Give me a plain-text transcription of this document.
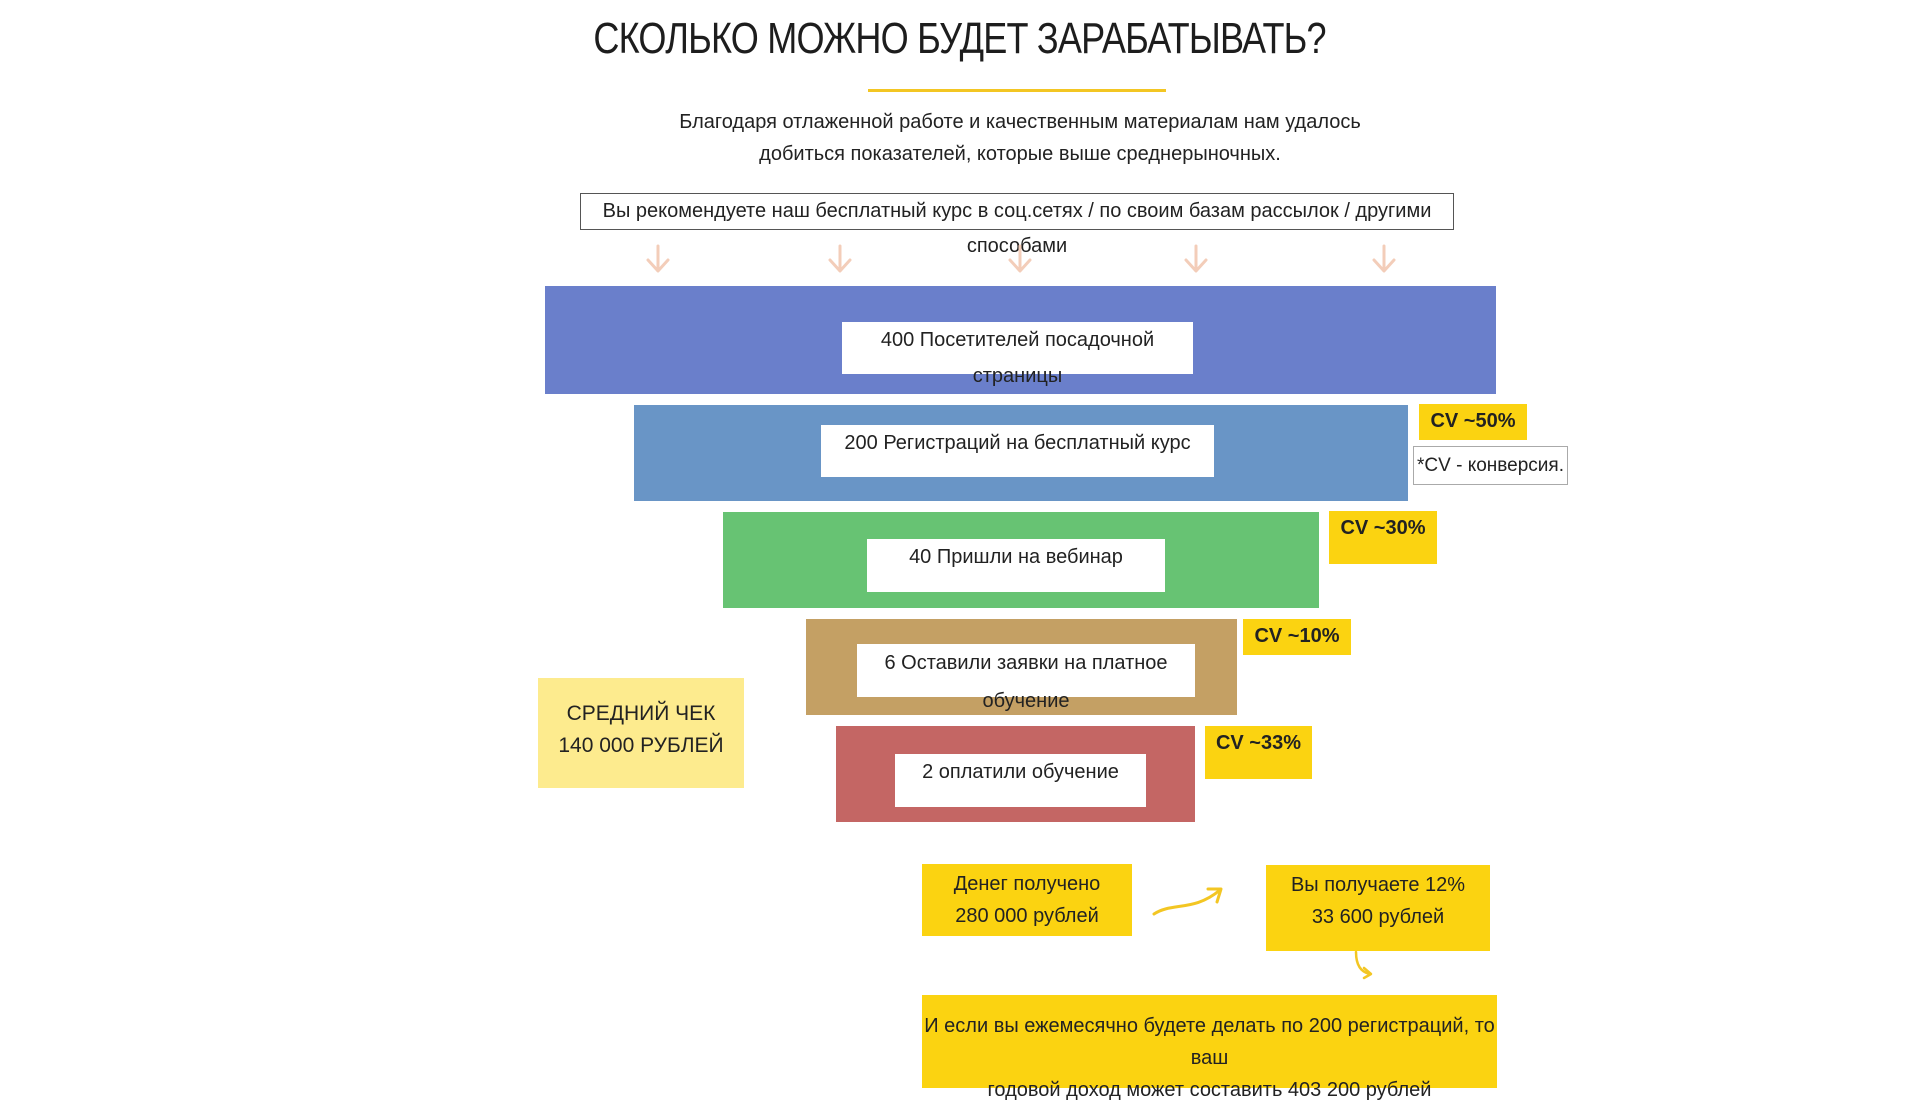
СКОЛЬКО МОЖНО БУДЕТ ЗАРАБАТЫВАТЬ?
Благодаря отлаженной работе и качественным материалам нам удалось
добиться показателей, которые выше среднерыночных.
Вы рекомендуете наш бесплатный курс в соц.сетях / по своим базам рассылок / другими способами
400 Посетителей посадочной страницы
200 Регистраций на бесплатный курс
40 Пришли на вебинар
6 Оставили заявки на платное обучение
2 оплатили обучение
CV ~50%
*CV - конверсия.
CV ~30%
CV ~10%
CV ~33%
СРЕДНИЙ ЧЕК
140 000 РУБЛЕЙ
Денег получено
280 000 рублей
Вы получаете 12%
33 600 рублей
И если вы ежемесячно будете делать по 200 регистраций, то ваш
годовой доход может составить 403 200 рублей
